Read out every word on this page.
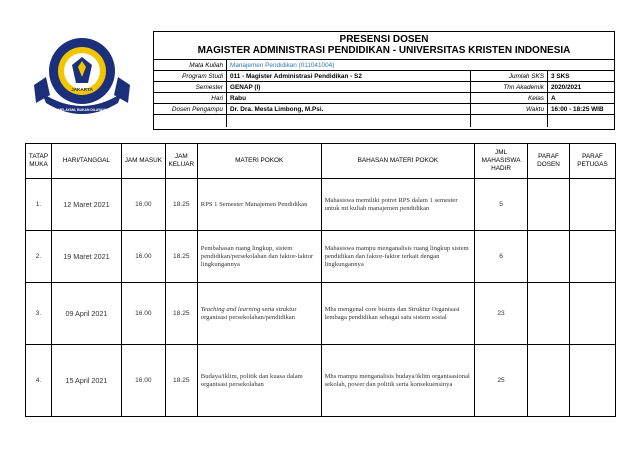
JAKARTA
MELAYANI, BUKAN DILAYANI
PRESENSI DOSEN
MAGISTER ADMINISTRASI PENDIDIKAN - UNIVERSITAS KRISTEN INDONESIA
Mata Kuliah	Manajemen Pendidikan (011041004)		
Program Studi	011 - Magister Administrasi Pendidikan - S2	Jumlah SKS	3 SKS
Semester	GENAP (I)	Thn Akademik	2020/2021
Hari	Rabu	Kelas	A
Dosen Pengampu	Dr. Dra. Mesta Limbong, M.Psi.	Waktu	16:00 - 18:25 WIB

TATAP MUKA	HARI/TANGGAL	JAM MASUK	JAM KELUAR	MATERI POKOK	BAHASAN MATERI POKOK	JML MAHASISWA HADIR	PARAF DOSEN	PARAF PETUGAS
1.	12 Maret 2021	16.00	18.25	RPS 1 Semester Manajemen Pendidikan	Mahasiswa memiliki potret RPS dalam 1 semester untuk mt kuliah manajemen pendidikan	5		
2.	19 Maret 2021	16.00	18.25	Pembahasan ruang lingkup, sistem pendidikan/persekolahan dan faktor-faktor lingkungannya	Mahasiswa mampu menganalisis ruang lingkup sistem pendidikan dan faktor-faktor terkait dengan lingkungannya	6		
3.	09 April 2021	16.00	18.25	Teaching and learning serta struktur organisasi persekolahan/pendidikan	Mhs mengenal core bisinis dan Struktur Organisasi lembaga pendidikan sebagai satu sistem sosial	23		
4.	15 April 2021	16.00	18.25	Budaya/iklim, politik dan kuasa dalam organisasi persekolahan	Mhs mampu menganalisis budaya/iklim organisasional sekolah, power dan politik serta konsekuensinya	25		
